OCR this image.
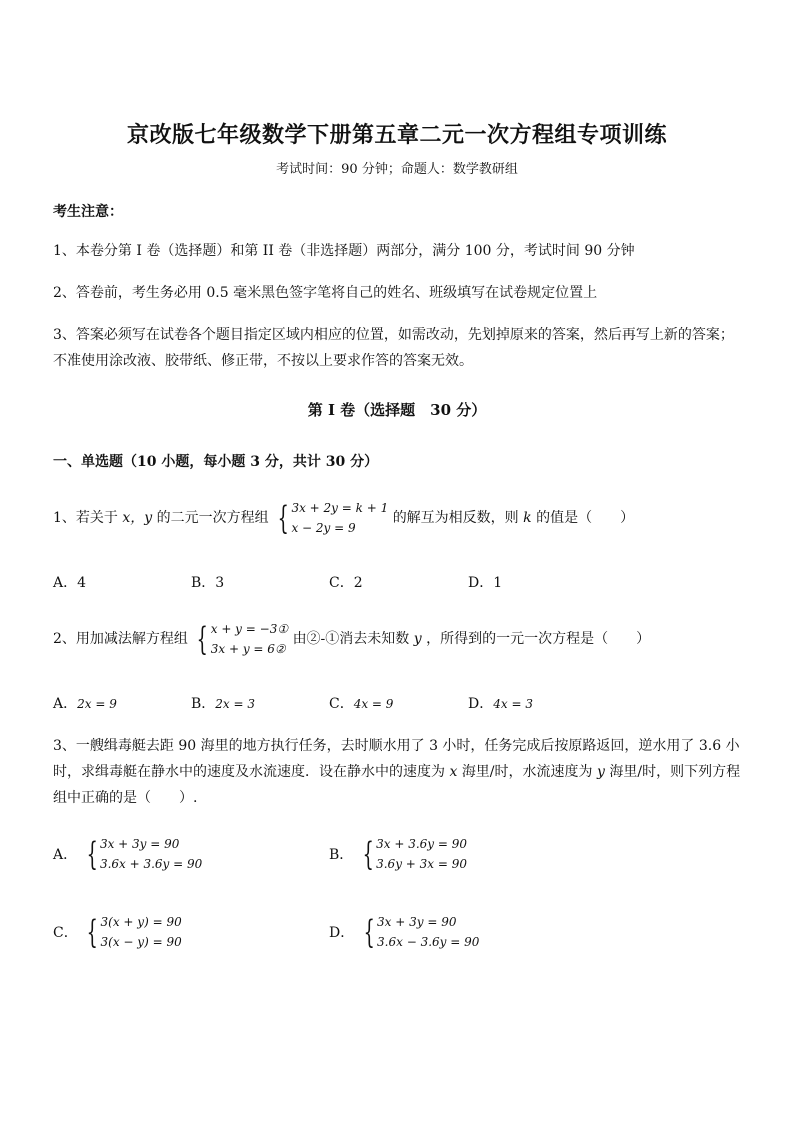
京改版七年级数学下册第五章二元一次方程组专项训练
考试时间：90 分钟；命题人：数学教研组
考生注意：
1、本卷分第 I 卷（选择题）和第 II 卷（非选择题）两部分，满分 100 分，考试时间 90 分钟
2、答卷前，考生务必用 0.5 毫米黑色签字笔将自己的姓名、班级填写在试卷规定位置上
3、答案必须写在试卷各个题目指定区域内相应的位置，如需改动，先划掉原来的答案，然后再写上新的答案；不准使用涂改液、胶带纸、修正带，不按以上要求作答的答案无效。
第 I 卷（选择题　30 分）
一、单选题（10 小题，每小题 3 分，共计 30 分）
1、若关于 x，y 的二元一次方程组 { 3x + 2y = k + 1
x − 2y = 9
的解互为相反数，则 k 的值是（　　）
A．4	B．3	C．2	D．1
2、用加减法解方程组 { x + y = −3①
3x + y = 6②
由②-①消去未知数 y ，所得到的一元一次方程是（　　）
A．2x = 9	B．2x = 3	C．4x = 9	D．4x = 3
3、一艘缉毒艇去距 90 海里的地方执行任务，去时顺水用了 3 小时，任务完成后按原路返回，逆水用了 3.6 小时，求缉毒艇在静水中的速度及水流速度．设在静水中的速度为 x 海里/时，水流速度为 y 海里/时，则下列方程组中正确的是（　　）.
A． { 3x + 3y = 90
3.6x + 3.6y = 90
B． { 3x + 3.6y = 90
3.6y + 3x = 90
C． { 3(x + y) = 90
3(x − y) = 90
D． { 3x + 3y = 90
3.6x − 3.6y = 90
